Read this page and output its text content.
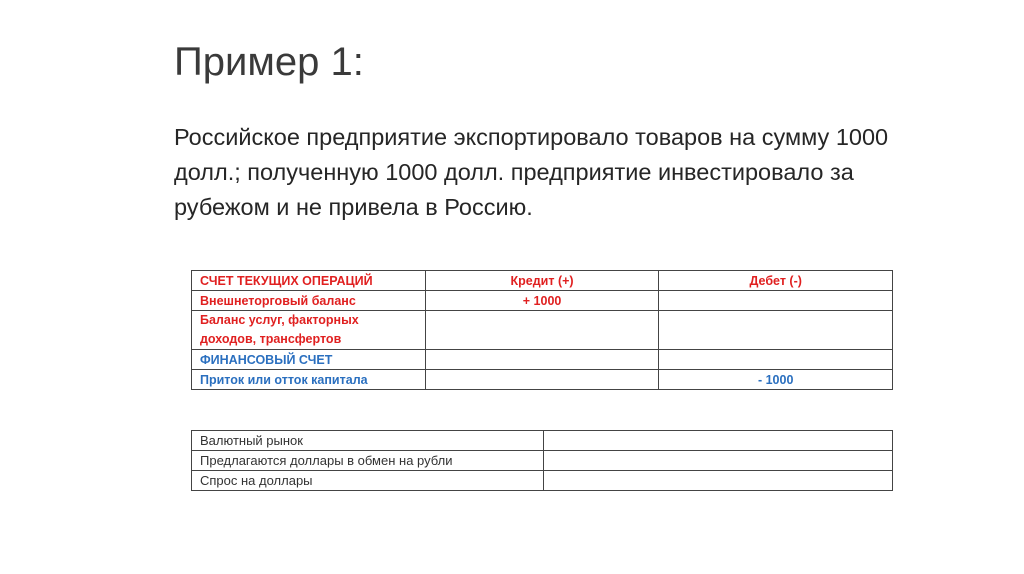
Пример 1:
Российское предприятие экспортировало товаров на сумму 1000 долл.; полученную 1000 долл. предприятие инвестировало за рубежом и не привела в Россию.
СЧЕТ ТЕКУЩИХ ОПЕРАЦИЙ	Кредит (+)	Дебет (-)
Внешнеторговый баланс	+ 1000	
Баланс услуг, факторных доходов, трансфертов		
ФИНАНСОВЫЙ СЧЕТ		
Приток или отток капитала		- 1000
Валютный рынок	
Предлагаются доллары в обмен на рубли	
Спрос на доллары	
